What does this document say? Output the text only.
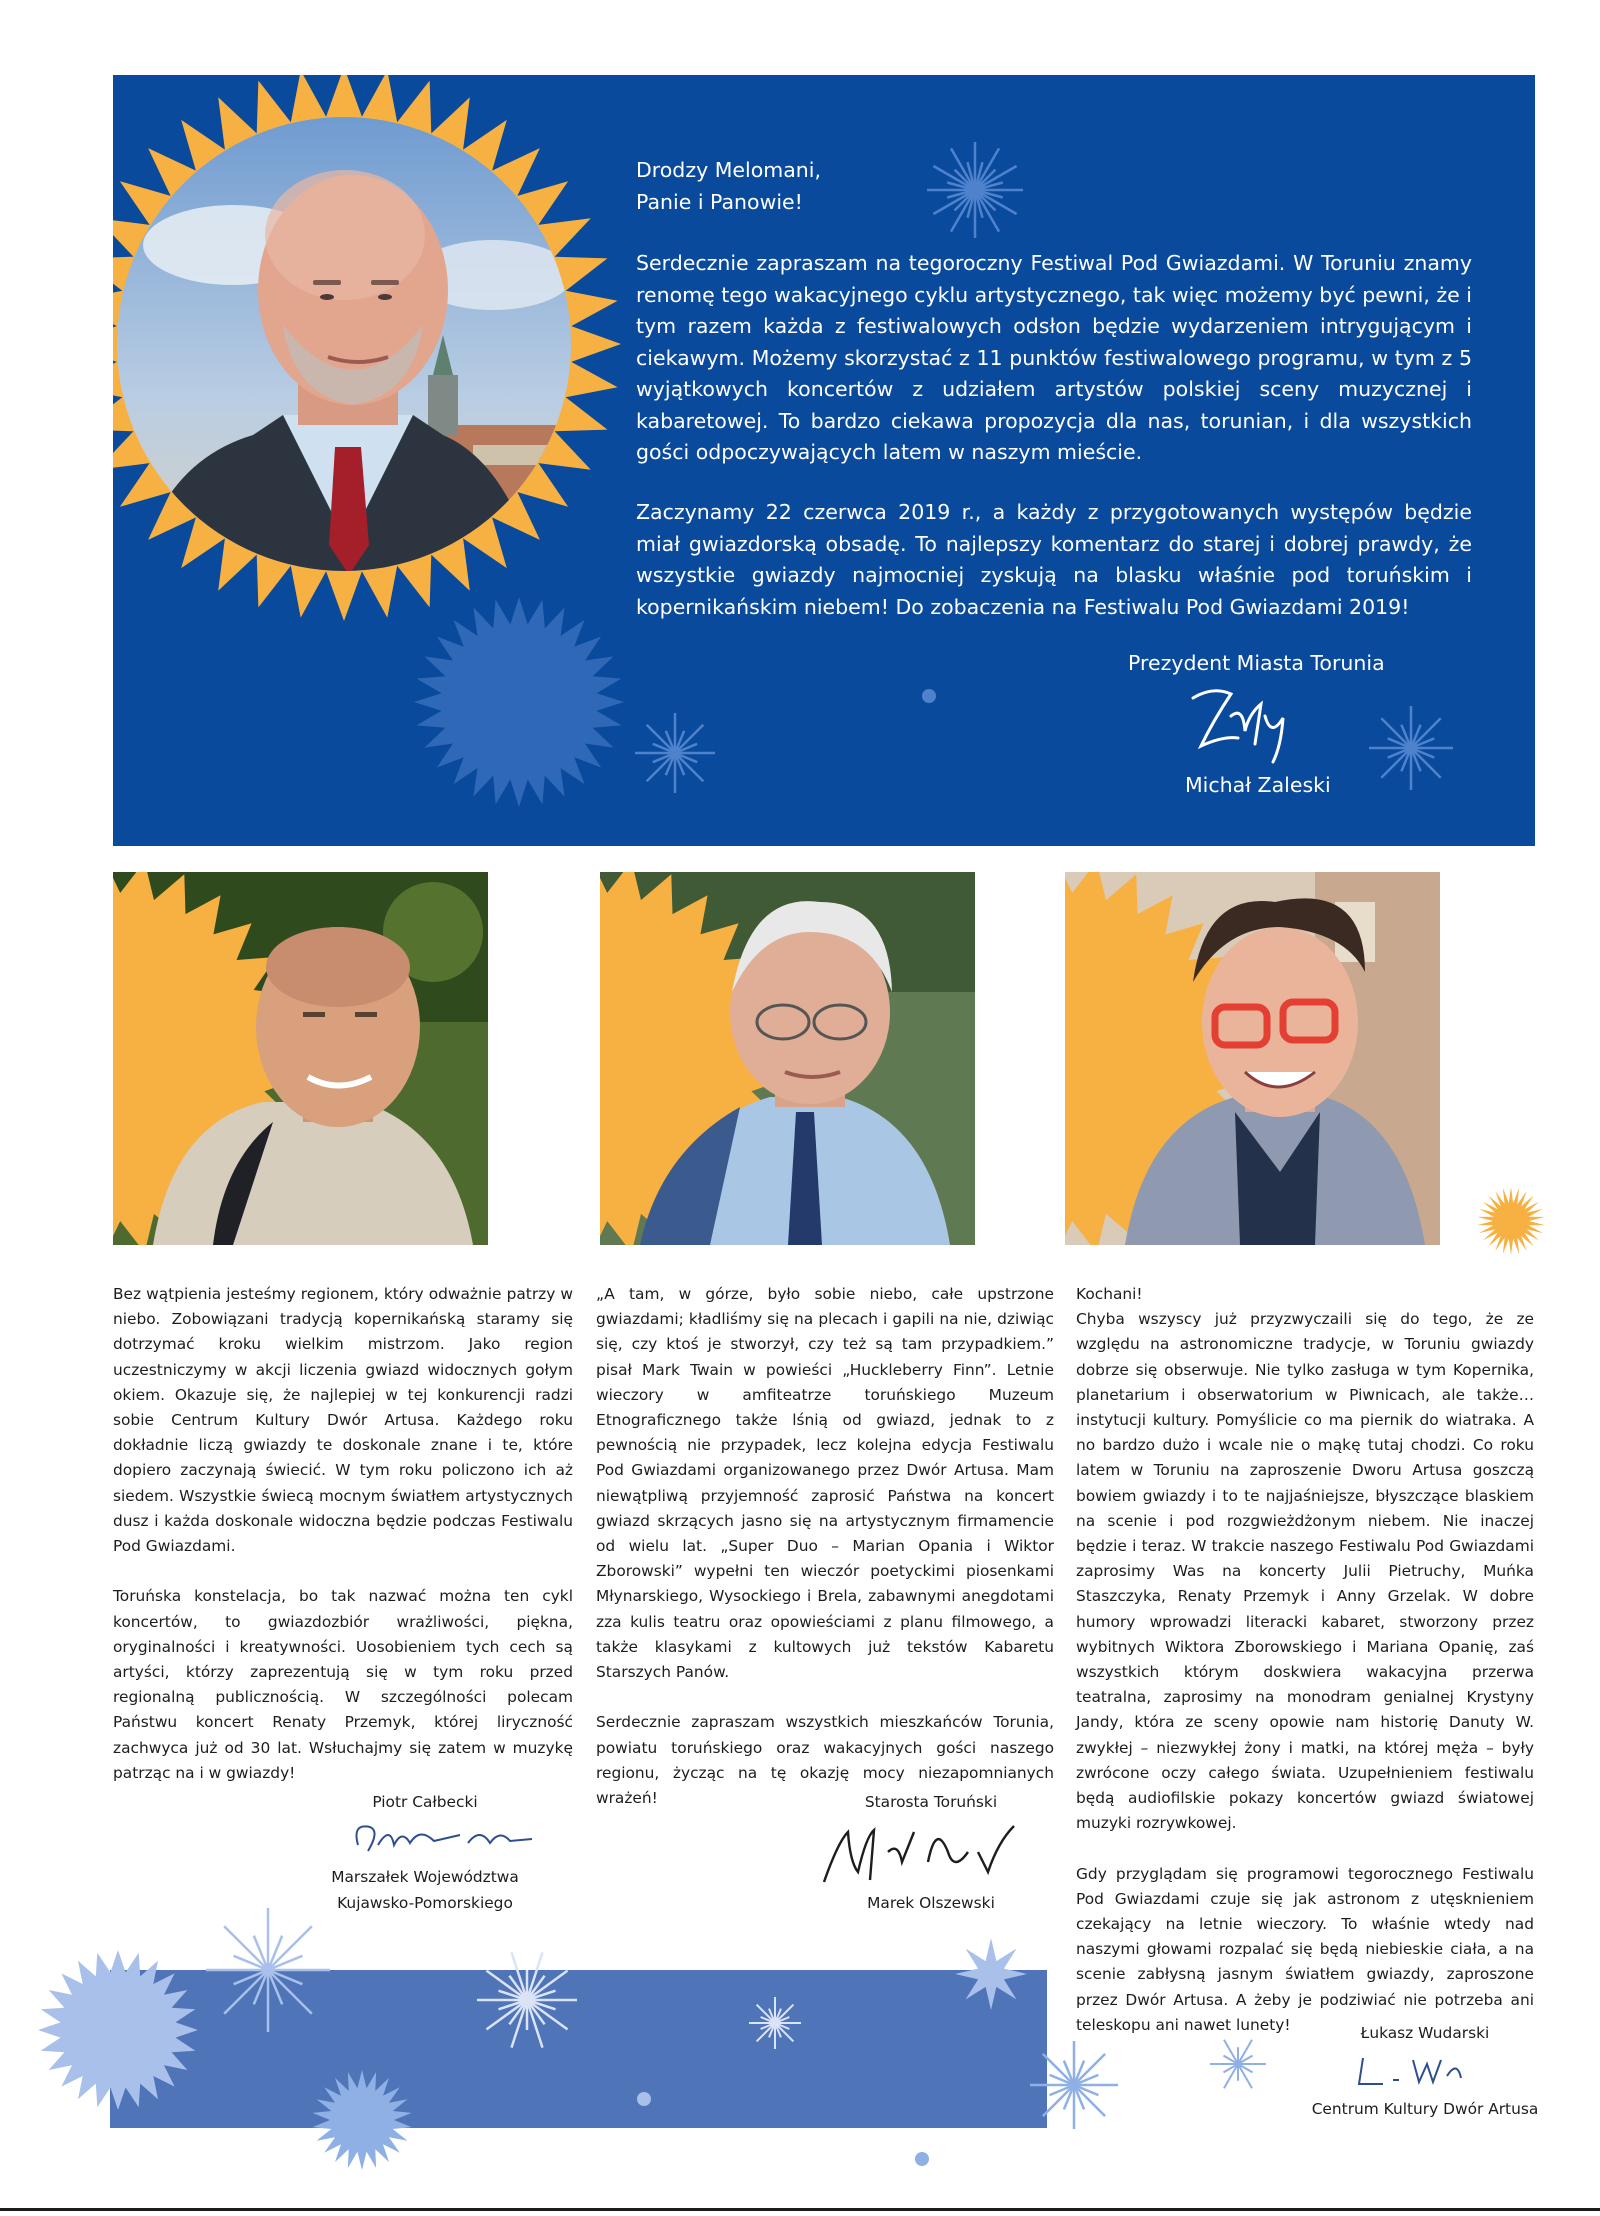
Drodzy Melomani,
Panie i Panowie!

Serdecznie zapraszam na tegoroczny Festiwal Pod Gwiazdami. W Toruniu znamy renomę tego wakacyjnego cyklu artystycznego, tak więc możemy być pewni, że i tym razem każda z festiwalowych odsłon będzie wydarzeniem intrygującym i ciekawym. Możemy skorzystać z 11 punktów festiwalowego programu, w tym z 5 wyjątkowych koncertów z udziałem artystów polskiej sceny muzycznej i kabaretowej. To bardzo ciekawa propozycja dla nas, torunian, i dla wszystkich gości odpoczywających latem w naszym mieście.

Zaczynamy 22 czerwca 2019 r., a każdy z przygotowanych występów będzie miał gwiazdorską obsadę. To najlepszy komentarz do starej i dobrej prawdy, że wszystkie gwiazdy najmocniej zyskują na blasku właśnie pod toruńskim i kopernikańskim niebem! Do zobaczenia na Festiwalu Pod Gwiazdami 2019!

Prezydent Miasta Torunia
Michał Zaleski

Bez wątpienia jesteśmy regionem, który odważnie patrzy w niebo. Zobowiązani tradycją kopernikańską staramy się dotrzymać kroku wielkim mistrzom. Jako region uczestniczymy w akcji liczenia gwiazd widocznych gołym okiem. Okazuje się, że najlepiej w tej konkurencji radzi sobie Centrum Kultury Dwór Artusa. Każdego roku dokładnie liczą gwiazdy te doskonale znane i te, które dopiero zaczynają świecić. W tym roku policzono ich aż siedem. Wszystkie świecą mocnym światłem artystycznych dusz i każda doskonale widoczna będzie podczas Festiwalu Pod Gwiazdami.

Toruńska konstelacja, bo tak nazwać można ten cykl koncertów, to gwiazdozbiór wrażliwości, piękna, oryginalności i kreatywności. Uosobieniem tych cech są artyści, którzy zaprezentują się w tym roku przed regionalną publicznością. W szczególności polecam Państwu koncert Renaty Przemyk, której liryczność zachwyca już od 30 lat. Wsłuchajmy się zatem w muzykę patrząc na i w gwiazdy!

„A tam, w górze, było sobie niebo, całe upstrzone gwiazdami; kładliśmy się na plecach i gapili na nie, dziwiąc się, czy ktoś je stworzył, czy też są tam przypadkiem.” pisał Mark Twain w powieści „Huckleberry Finn”. Letnie wieczory w amfiteatrze toruńskiego Muzeum Etnograficznego także lśnią od gwiazd, jednak to z pewnością nie przypadek, lecz kolejna edycja Festiwalu Pod Gwiazdami organizowanego przez Dwór Artusa. Mam niewątpliwą przyjemność zaprosić Państwa na koncert gwiazd skrzących jasno się na artystycznym firmamencie od wielu lat. „Super Duo – Marian Opania i Wiktor Zborowski” wypełni ten wieczór poetyckimi piosenkami Młynarskiego, Wysockiego i Brela, zabawnymi anegdotami zza kulis teatru oraz opowieściami z planu filmowego, a także klasykami z kultowych już tekstów Kabaretu Starszych Panów.

Serdecznie zapraszam wszystkich mieszkańców Torunia, powiatu toruńskiego oraz wakacyjnych gości naszego regionu, życząc na tę okazję mocy niezapomnianych wrażeń!

Kochani!
Chyba wszyscy już przyzwyczaili się do tego, że ze względu na astronomiczne tradycje, w Toruniu gwiazdy dobrze się obserwuje. Nie tylko zasługa w tym Kopernika, planetarium i obserwatorium w Piwnicach, ale także… instytucji kultury. Pomyślicie co ma piernik do wiatraka. A no bardzo dużo i wcale nie o mąkę tutaj chodzi. Co roku latem w Toruniu na zaproszenie Dworu Artusa goszczą bowiem gwiazdy i to te najjaśniejsze, błyszczące blaskiem na scenie i pod rozgwieżdżonym niebem. Nie inaczej będzie i teraz. W trakcie naszego Festiwalu Pod Gwiazdami zaprosimy Was na koncerty Julii Pietruchy, Muńka Staszczyka, Renaty Przemyk i Anny Grzelak. W dobre humory wprowadzi literacki kabaret, stworzony przez wybitnych Wiktora Zborowskiego i Mariana Opanię, zaś wszystkich którym doskwiera wakacyjna przerwa teatralna, zaprosimy na monodram genialnej Krystyny Jandy, która ze sceny opowie nam historię Danuty W. zwykłej – niezwykłej żony i matki, na której męża – były zwrócone oczy całego świata. Uzupełnieniem festiwalu będą audiofilskie pokazy koncertów gwiazd światowej muzyki rozrywkowej.

Gdy przyglądam się programowi tegorocznego Festiwalu Pod Gwiazdami czuje się jak astronom z utęsknieniem czekający na letnie wieczory. To właśnie wtedy nad naszymi głowami rozpalać się będą niebieskie ciała, a na scenie zabłysną jasnym światłem gwiazdy, zaproszone przez Dwór Artusa. A żeby je podziwiać nie potrzeba ani teleskopu ani nawet lunety!

Piotr Całbecki
Marszałek Województwa
Kujawsko-Pomorskiego
Starosta Toruński
Marek Olszewski
Łukasz Wudarski
Centrum Kultury Dwór Artusa
